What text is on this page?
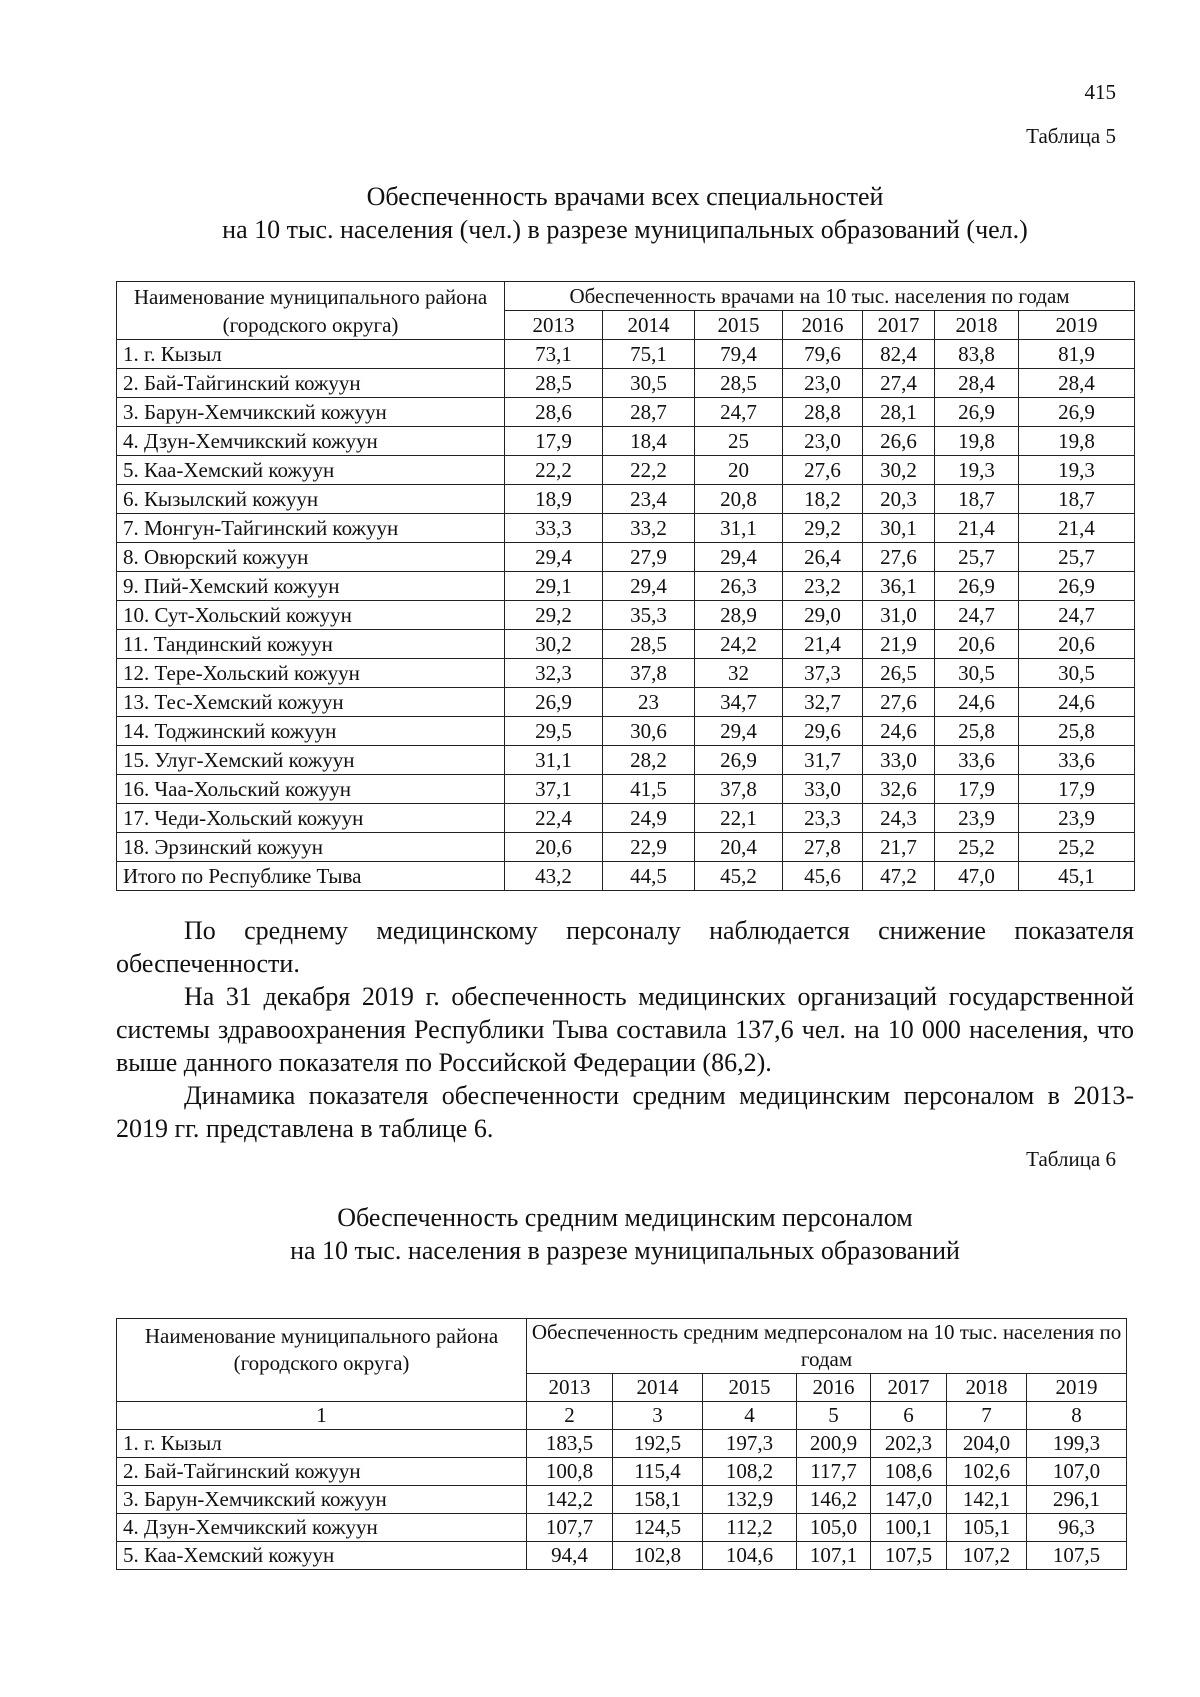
415
Таблица 5
Обеспеченность врачами всех специальностей
на 10 тыс. населения (чел.) в разрезе муниципальных образований (чел.)
Наименование муниципального района (городского округа)	Обеспеченность врачами на 10 тыс. населения по годам						
	2013	2014	2015	2016	2017	2018	2019
1. г. Кызыл	73,1	75,1	79,4	79,6	82,4	83,8	81,9
2. Бай-Тайгинский кожуун	28,5	30,5	28,5	23,0	27,4	28,4	28,4
3. Барун-Хемчикский кожуун	28,6	28,7	24,7	28,8	28,1	26,9	26,9
4. Дзун-Хемчикский кожуун	17,9	18,4	25	23,0	26,6	19,8	19,8
5. Каа-Хемский кожуун	22,2	22,2	20	27,6	30,2	19,3	19,3
6. Кызылский кожуун	18,9	23,4	20,8	18,2	20,3	18,7	18,7
7. Монгун-Тайгинский кожуун	33,3	33,2	31,1	29,2	30,1	21,4	21,4
8. Овюрский кожуун	29,4	27,9	29,4	26,4	27,6	25,7	25,7
9. Пий-Хемский кожуун	29,1	29,4	26,3	23,2	36,1	26,9	26,9
10. Сут-Хольский кожуун	29,2	35,3	28,9	29,0	31,0	24,7	24,7
11. Тандинский кожуун	30,2	28,5	24,2	21,4	21,9	20,6	20,6
12. Тере-Хольский кожуун	32,3	37,8	32	37,3	26,5	30,5	30,5
13. Тес-Хемский кожуун	26,9	23	34,7	32,7	27,6	24,6	24,6
14. Тоджинский кожуун	29,5	30,6	29,4	29,6	24,6	25,8	25,8
15. Улуг-Хемский кожуун	31,1	28,2	26,9	31,7	33,0	33,6	33,6
16. Чаа-Хольский кожуун	37,1	41,5	37,8	33,0	32,6	17,9	17,9
17. Чеди-Хольский кожуун	22,4	24,9	22,1	23,3	24,3	23,9	23,9
18. Эрзинский кожуун	20,6	22,9	20,4	27,8	21,7	25,2	25,2
Итого по Республике Тыва	43,2	44,5	45,2	45,6	47,2	47,0	45,1

По среднему медицинскому персоналу наблюдается снижение показателя обеспеченности.

На 31 декабря 2019 г. обеспеченность медицинских организаций государственной системы здравоохранения Республики Тыва составила 137,6 чел. на 10 000 населения, что выше данного показателя по Российской Федерации (86,2).

Динамика показателя обеспеченности средним медицинским персоналом в 2013-2019 гг. представлена в таблице 6.

Таблица 6
Обеспеченность средним медицинским персоналом
на 10 тыс. населения в разрезе муниципальных образований
Наименование муниципального района (городского округа)	Обеспеченность средним медперсоналом на 10 тыс. населения по годам						

	2013	2014	2015	2016	2017	2018	2019
1	2	3	4	5	6	7	8
1. г. Кызыл	183,5	192,5	197,3	200,9	202,3	204,0	199,3
2. Бай-Тайгинский кожуун	100,8	115,4	108,2	117,7	108,6	102,6	107,0
3. Барун-Хемчикский кожуун	142,2	158,1	132,9	146,2	147,0	142,1	296,1
4. Дзун-Хемчикский кожуун	107,7	124,5	112,2	105,0	100,1	105,1	96,3
5. Каа-Хемский кожуун	94,4	102,8	104,6	107,1	107,5	107,2	107,5
